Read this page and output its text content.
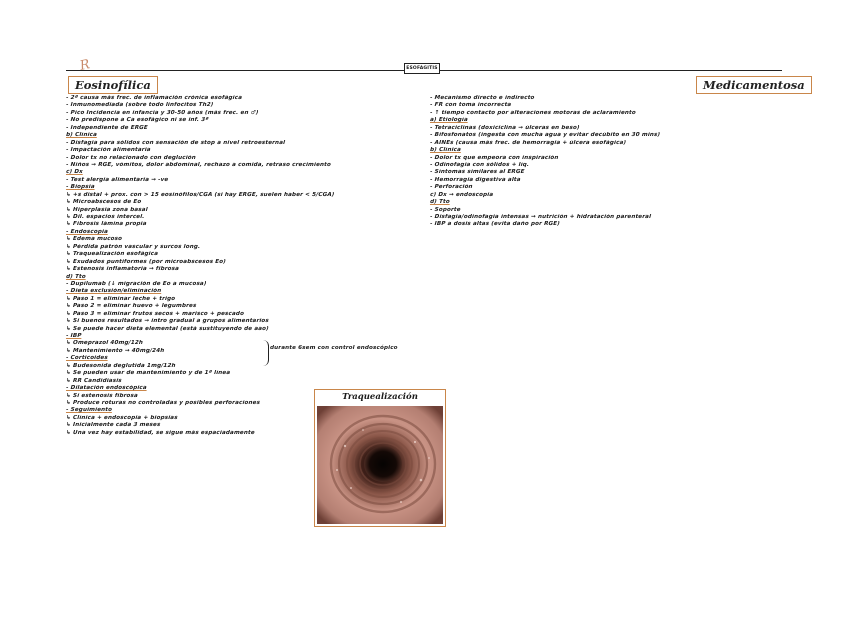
R	ESOFAGITIS
Eosinofílica	Medicamentosa
- 2ª causa más frec. de inflamación crónica esofágica
- Inmunomediada (sobre todo linfocitos Th2)
- Pico Incidencia en infancia y 30-50 años (más frec. en ♂)
- No predispone a Ca esofágico ni se inf. 3ª
- Independiente de ERGE
b) Clínica
- Disfagia para sólidos con sensación de stop a nivel retroesternal
- Impactación alimentaria
- Dolor tx no relacionado con deglución
- Niños → RGE, vómitos, dolor abdominal, rechazo a comida, retraso crecimiento
c) Dx
- Test alergia alimentaria → -ve
- Biopsia
↳ +s distal + prox. con > 15 eosinófilos/CGA (si hay ERGE, suelen haber < 5/CGA)
↳ Microabscesos de Eo
↳ Hiperplasia zona basal
↳ Dil. espacios intercel.
↳ Fibrosis lámina propia
- Endoscopia
↳ Edema mucoso
↳ Pérdida patrón vascular y surcos long.
↳ Traquealización esofágica
↳ Exudados puntiformes (por microabscesos Eo)
↳ Estenosis inflamatoria → fibrosa
d) Tto
- Dupilumab (↓ migración de Eo a mucosa)
- Dieta exclusión/eliminación
↳ Paso 1 = eliminar leche + trigo
↳ Paso 2 = eliminar huevo + legumbres
↳ Paso 3 = eliminar frutos secos + marisco + pescado
↳ Si buenos resultados → intro gradual a grupos alimentarios
↳ Se puede hacer dieta elemental (está sustituyendo de aao)
- IBP
↳ Omeprazol 40mg/12h
↳ Mantenimiento → 40mg/24h
- Corticoides
↳ Budesonida deglutida 1mg/12h
↳ Se pueden usar de mantenimiento y de 1ª línea
↳ RR Candidiasis
- Dilatación endoscópica
↳ Si estenosis fibrosa
↳ Produce roturas no controladas y posibles perforaciones
- Seguimiento
↳ Clínica + endoscopia + biopsias
↳ Inicialmente cada 3 meses
↳ Una vez hay estabilidad, se sigue más espaciadamente
- Mecanismo directo e indirecto
- FR con toma incorrecta
- ↑ tiempo contacto por alteraciones motoras de aclaramiento
a) Etiología
- Tetraciclinas (doxiciclina → úlceras en beso)
- Bifosfonatos (ingesta con mucha agua y evitar decúbito en 30 mins)
- AINEs (causa más frec. de hemorragia + úlcera esofágica)
b) Clínica
- Dolor tx que empeora con inspiración
- Odinofagia con sólidos + líq.
- Síntomas similares al ERGE
- Hemorragia digestiva alta
- Perforación
c) Dx → endoscopia
d) Tto
- Soporte
- Disfagia/odinofagia intensas → nutrición + hidratación parenteral
- IBP a dosis altas (evita daño por RGE)
durante 6sem con control endoscópico
Traquealización
